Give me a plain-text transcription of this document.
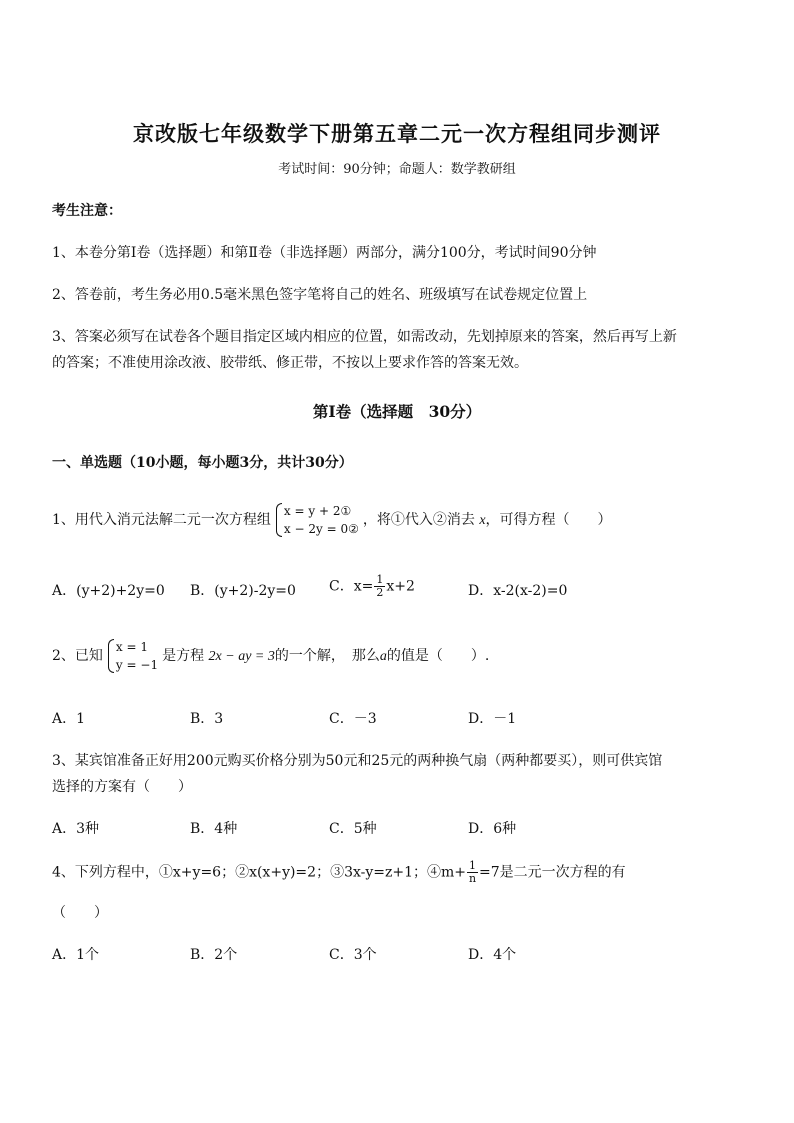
京改版七年级数学下册第五章二元一次方程组同步测评
考试时间：90分钟；命题人：数学教研组
考生注意：
1、本卷分第Ⅰ卷（选择题）和第Ⅱ卷（非选择题）两部分，满分100分，考试时间90分钟
2、答卷前，考生务必用0.5毫米黑色签字笔将自己的姓名、班级填写在试卷规定位置上
3、答案必须写在试卷各个题目指定区域内相应的位置，如需改动，先划掉原来的答案，然后再写上新
的答案；不准使用涂改液、胶带纸、修正带，不按以上要求作答的答案无效。
第Ⅰ卷（选择题　30分）
一、单选题（10小题，每小题3分，共计30分）
1、用代入消元法解二元一次方程组
x = y + 2①
x − 2y = 0②
，将①代入②消去 x，可得方程（　　）
A．(y+2)+2y=0 B．(y+2)-2y=0 C．$x= \frac{1}{2} x+2$	D．x-2(x-2)=0
2、已知
x = 1
y = −1
是方程 2x − ay = 3的一个解，　那么a的值是（　　）.
A．1	B．3	C．－3	D．－1
3、某宾馆准备正好用200元购买价格分别为50元和25元的两种换气扇（两种都要买），则可供宾馆
选择的方案有（　　）
A．3种	B．4种	C．5种	D．6种
4、下列方程中，①x+y=6；②x(x+y)=2；③3x-y=z+1；④m+ $\frac{1}{n} =7$是二元一次方程的有
（　　）
A．1个	B．2个	C．3个	D．4个
